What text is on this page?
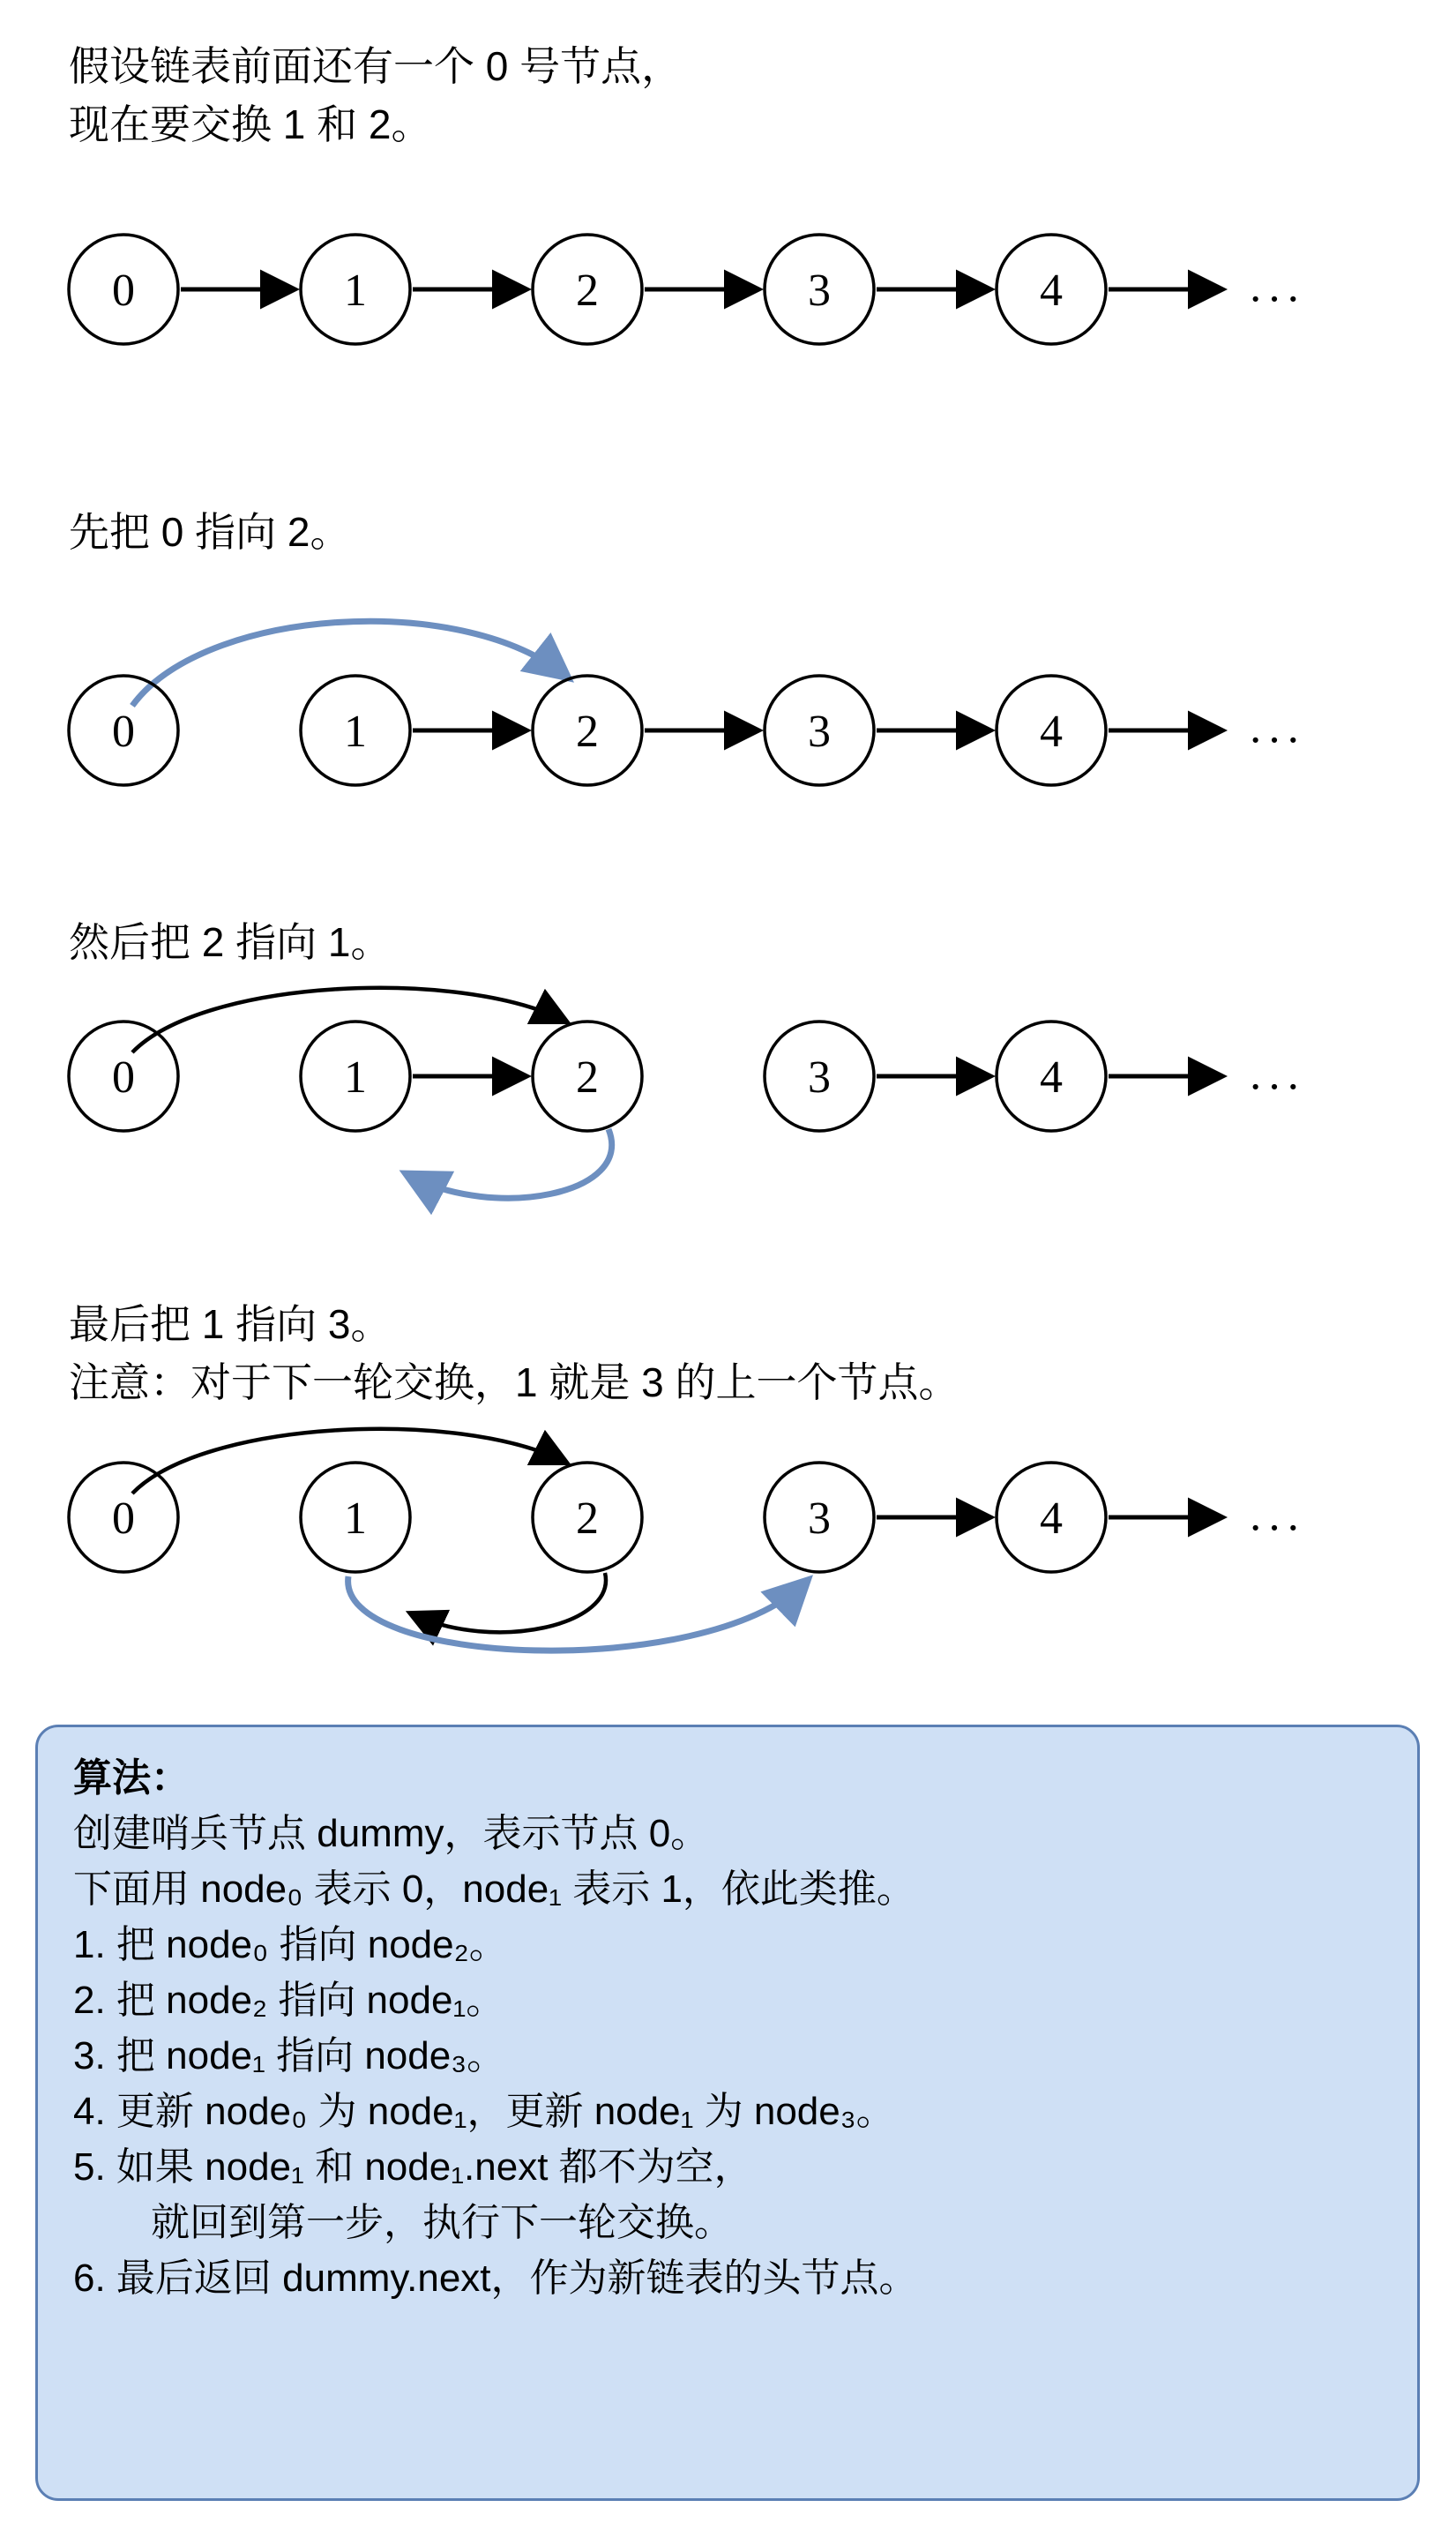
假设链表前面还有一个 0 号节点，
现在要交换 1 和 2。
0	1	2	3	4	···
先把 0 指向 2。
0	1	2	3	4	···
然后把 2 指向 1。
0	1	2	3	4	···
最后把 1 指向 3。
注意：对于下一轮交换，1 就是 3 的上一个节点。
0	1	2	3	4	···
算法：
创建哨兵节点 dummy，表示节点 0。
下面用 node₀ 表示 0，node₁ 表示 1，依此类推。
1. 把 node₀ 指向 node₂。
2. 把 node₂ 指向 node₁。
3. 把 node₁ 指向 node₃。
4. 更新 node₀ 为 node₁，更新 node₁ 为 node₃。
5. 如果 node₁ 和 node₁.next 都不为空，
　　就回到第一步，执行下一轮交换。
6. 最后返回 dummy.next，作为新链表的头节点。
